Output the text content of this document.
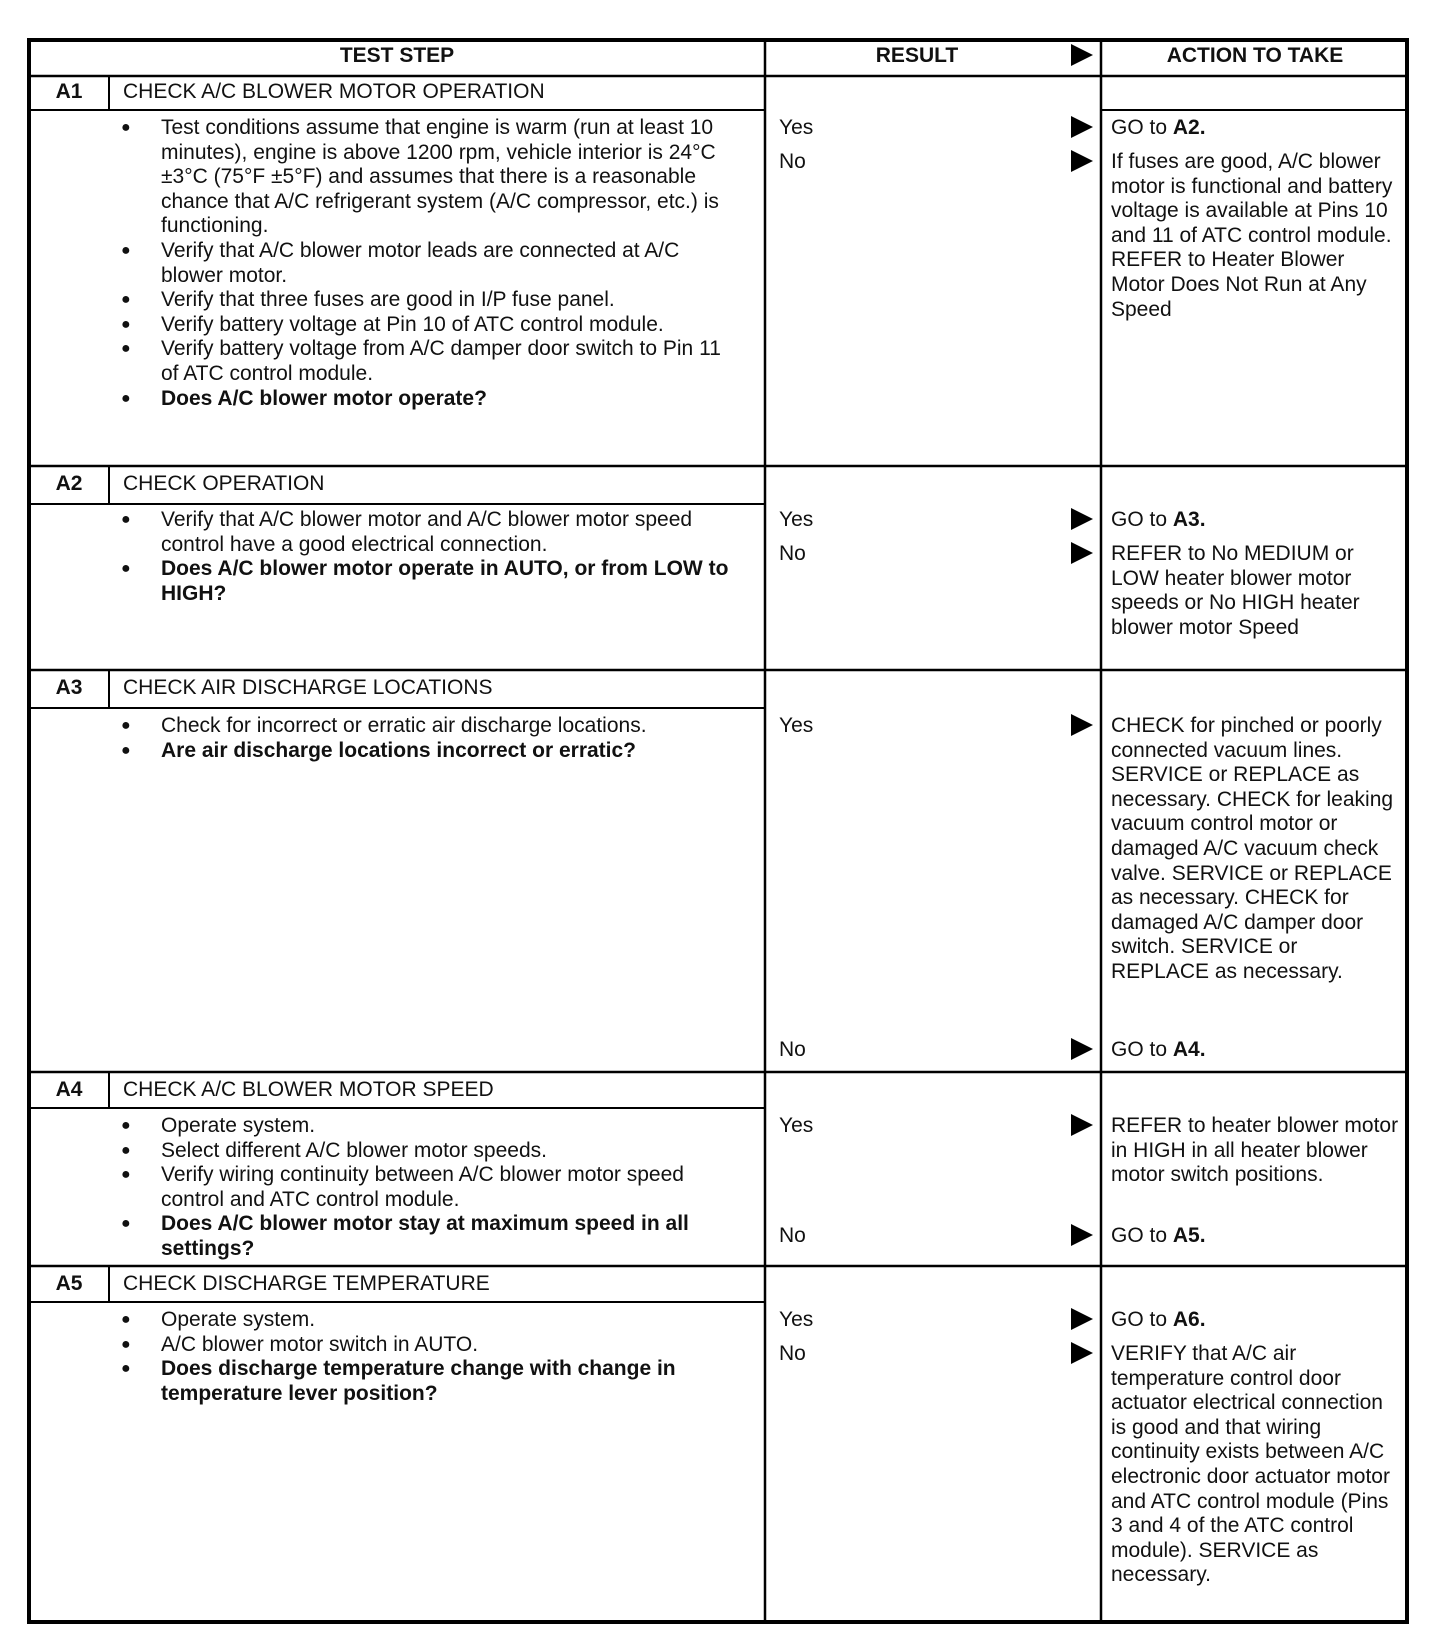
TEST STEP	RESULT	ACTION TO TAKE
A1	CHECK A/C BLOWER MOTOR OPERATION
● Test conditions assume that engine is warm (run at least 10 minutes), engine is above 1200 rpm, vehicle interior is 24°C ±3°C (75°F ±5°F) and assumes that there is a reasonable chance that A/C refrigerant system (A/C compressor, etc.) is functioning.
● Verify that A/C blower motor leads are connected at A/C blower motor.
● Verify that three fuses are good in I/P fuse panel.
● Verify battery voltage at Pin 10 of ATC control module.
● Verify battery voltage from A/C damper door switch to Pin 11 of ATC control module.
● Does A/C blower motor operate?
Yes	GO to A2.
No	If fuses are good, A/C blower motor is functional and battery voltage is available at Pins 10 and 11 of ATC control module. REFER to Heater Blower Motor Does Not Run at Any Speed
A2	CHECK OPERATION
● Verify that A/C blower motor and A/C blower motor speed control have a good electrical connection.
● Does A/C blower motor operate in AUTO, or from LOW to HIGH?
Yes	GO to A3.
No	REFER to No MEDIUM or LOW heater blower motor speeds or No HIGH heater blower motor Speed
A3	CHECK AIR DISCHARGE LOCATIONS
● Check for incorrect or erratic air discharge locations.
● Are air discharge locations incorrect or erratic?
Yes	CHECK for pinched or poorly connected vacuum lines. SERVICE or REPLACE as necessary. CHECK for leaking vacuum control motor or damaged A/C vacuum check valve. SERVICE or REPLACE as necessary. CHECK for damaged A/C damper door switch. SERVICE or REPLACE as necessary.
No	GO to A4.
A4	CHECK A/C BLOWER MOTOR SPEED
● Operate system.
● Select different A/C blower motor speeds.
● Verify wiring continuity between A/C blower motor speed control and ATC control module.
● Does A/C blower motor stay at maximum speed in all settings?
Yes	REFER to heater blower motor in HIGH in all heater blower motor switch positions.
No	GO to A5.
A5	CHECK DISCHARGE TEMPERATURE
● Operate system.
● A/C blower motor switch in AUTO.
● Does discharge temperature change with change in temperature lever position?
Yes	GO to A6.
No	VERIFY that A/C air temperature control door actuator electrical connection is good and that wiring continuity exists between A/C electronic door actuator motor and ATC control module (Pins 3 and 4 of the ATC control module). SERVICE as necessary.
